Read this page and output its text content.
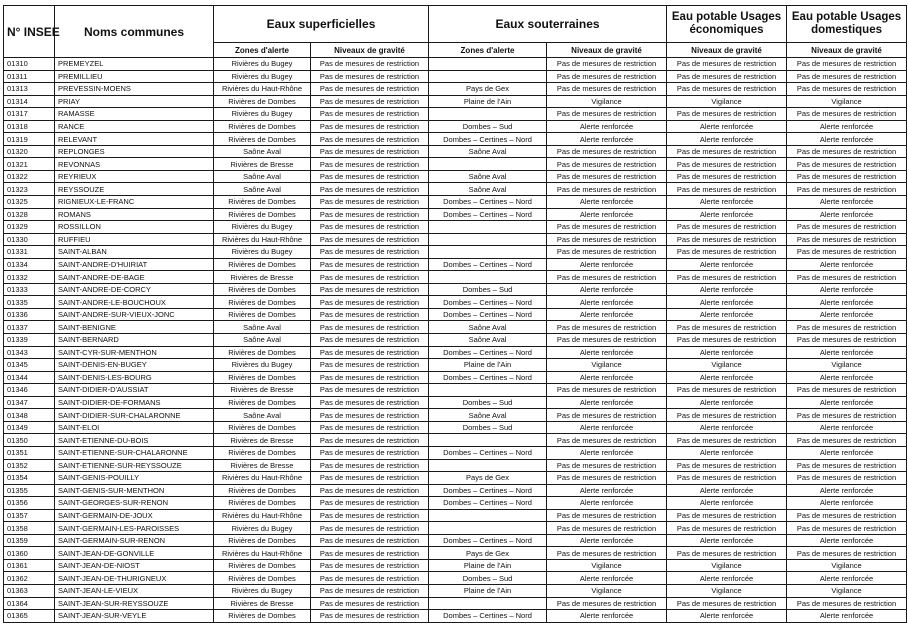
N° INSEE	Noms communes	Eaux superficielles		Eaux souterraines		Eau potable Usages économiques	Eau potable Usages domestiques
		Zones d'alerte	Niveaux de gravité	Zones d'alerte	Niveaux de gravité	Niveaux de gravité	Niveaux de gravité
01310	PREMEYZEL	Rivières du Bugey	Pas de mesures de restriction		Pas de mesures de restriction	Pas de mesures de restriction	Pas de mesures de restriction
01311	PREMILLIEU	Rivières du Bugey	Pas de mesures de restriction		Pas de mesures de restriction	Pas de mesures de restriction	Pas de mesures de restriction
01313	PREVESSIN-MOENS	Rivières du Haut-Rhône	Pas de mesures de restriction	Pays de Gex	Pas de mesures de restriction	Pas de mesures de restriction	Pas de mesures de restriction
01314	PRIAY	Rivières de Dombes	Pas de mesures de restriction	Plaine de l'Ain	Vigilance	Vigilance	Vigilance
01317	RAMASSE	Rivières du Bugey	Pas de mesures de restriction		Pas de mesures de restriction	Pas de mesures de restriction	Pas de mesures de restriction
01318	RANCE	Rivières de Dombes	Pas de mesures de restriction	Dombes – Sud	Alerte renforcée	Alerte renforcée	Alerte renforcée
01319	RELEVANT	Rivières de Dombes	Pas de mesures de restriction	Dombes – Certines – Nord	Alerte renforcée	Alerte renforcée	Alerte renforcée
01320	REPLONGES	Saône Aval	Pas de mesures de restriction	Saône Aval	Pas de mesures de restriction	Pas de mesures de restriction	Pas de mesures de restriction
01321	REVONNAS	Rivières de Bresse	Pas de mesures de restriction		Pas de mesures de restriction	Pas de mesures de restriction	Pas de mesures de restriction
01322	REYRIEUX	Saône Aval	Pas de mesures de restriction	Saône Aval	Pas de mesures de restriction	Pas de mesures de restriction	Pas de mesures de restriction
01323	REYSSOUZE	Saône Aval	Pas de mesures de restriction	Saône Aval	Pas de mesures de restriction	Pas de mesures de restriction	Pas de mesures de restriction
01325	RIGNIEUX-LE-FRANC	Rivières de Dombes	Pas de mesures de restriction	Dombes – Certines – Nord	Alerte renforcée	Alerte renforcée	Alerte renforcée
01328	ROMANS	Rivières de Dombes	Pas de mesures de restriction	Dombes – Certines – Nord	Alerte renforcée	Alerte renforcée	Alerte renforcée
01329	ROSSILLON	Rivières du Bugey	Pas de mesures de restriction		Pas de mesures de restriction	Pas de mesures de restriction	Pas de mesures de restriction
01330	RUFFIEU	Rivières du Haut-Rhône	Pas de mesures de restriction		Pas de mesures de restriction	Pas de mesures de restriction	Pas de mesures de restriction
01331	SAINT-ALBAN	Rivières du Bugey	Pas de mesures de restriction		Pas de mesures de restriction	Pas de mesures de restriction	Pas de mesures de restriction
01334	SAINT-ANDRE-D'HUIRIAT	Rivières de Dombes	Pas de mesures de restriction	Dombes – Certines – Nord	Alerte renforcée	Alerte renforcée	Alerte renforcée
01332	SAINT-ANDRE-DE-BAGE	Rivières de Bresse	Pas de mesures de restriction		Pas de mesures de restriction	Pas de mesures de restriction	Pas de mesures de restriction
01333	SAINT-ANDRE-DE-CORCY	Rivières de Dombes	Pas de mesures de restriction	Dombes – Sud	Alerte renforcée	Alerte renforcée	Alerte renforcée
01335	SAINT-ANDRE-LE-BOUCHOUX	Rivières de Dombes	Pas de mesures de restriction	Dombes – Certines – Nord	Alerte renforcée	Alerte renforcée	Alerte renforcée
01336	SAINT-ANDRE-SUR-VIEUX-JONC	Rivières de Dombes	Pas de mesures de restriction	Dombes – Certines – Nord	Alerte renforcée	Alerte renforcée	Alerte renforcée
01337	SAINT-BENIGNE	Saône Aval	Pas de mesures de restriction	Saône Aval	Pas de mesures de restriction	Pas de mesures de restriction	Pas de mesures de restriction
01339	SAINT-BERNARD	Saône Aval	Pas de mesures de restriction	Saône Aval	Pas de mesures de restriction	Pas de mesures de restriction	Pas de mesures de restriction
01343	SAINT-CYR-SUR-MENTHON	Rivières de Dombes	Pas de mesures de restriction	Dombes – Certines – Nord	Alerte renforcée	Alerte renforcée	Alerte renforcée
01345	SAINT-DENIS-EN-BUGEY	Rivières du Bugey	Pas de mesures de restriction	Plaine de l'Ain	Vigilance	Vigilance	Vigilance
01344	SAINT-DENIS-LES-BOURG	Rivières de Dombes	Pas de mesures de restriction	Dombes – Certines – Nord	Alerte renforcée	Alerte renforcée	Alerte renforcée
01346	SAINT-DIDIER-D'AUSSIAT	Rivières de Bresse	Pas de mesures de restriction		Pas de mesures de restriction	Pas de mesures de restriction	Pas de mesures de restriction
01347	SAINT-DIDIER-DE-FORMANS	Rivières de Dombes	Pas de mesures de restriction	Dombes – Sud	Alerte renforcée	Alerte renforcée	Alerte renforcée
01348	SAINT-DIDIER-SUR-CHALARONNE	Saône Aval	Pas de mesures de restriction	Saône Aval	Pas de mesures de restriction	Pas de mesures de restriction	Pas de mesures de restriction
01349	SAINT-ELOI	Rivières de Dombes	Pas de mesures de restriction	Dombes – Sud	Alerte renforcée	Alerte renforcée	Alerte renforcée
01350	SAINT-ETIENNE-DU-BOIS	Rivières de Bresse	Pas de mesures de restriction		Pas de mesures de restriction	Pas de mesures de restriction	Pas de mesures de restriction
01351	SAINT-ETIENNE-SUR-CHALARONNE	Rivières de Dombes	Pas de mesures de restriction	Dombes – Certines – Nord	Alerte renforcée	Alerte renforcée	Alerte renforcée
01352	SAINT-ETIENNE-SUR-REYSSOUZE	Rivières de Bresse	Pas de mesures de restriction		Pas de mesures de restriction	Pas de mesures de restriction	Pas de mesures de restriction
01354	SAINT-GENIS-POUILLY	Rivières du Haut-Rhône	Pas de mesures de restriction	Pays de Gex	Pas de mesures de restriction	Pas de mesures de restriction	Pas de mesures de restriction
01355	SAINT-GENIS-SUR-MENTHON	Rivières de Dombes	Pas de mesures de restriction	Dombes – Certines – Nord	Alerte renforcée	Alerte renforcée	Alerte renforcée
01356	SAINT-GEORGES-SUR-RENON	Rivières de Dombes	Pas de mesures de restriction	Dombes – Certines – Nord	Alerte renforcée	Alerte renforcée	Alerte renforcée
01357	SAINT-GERMAIN-DE-JOUX	Rivières du Haut-Rhône	Pas de mesures de restriction		Pas de mesures de restriction	Pas de mesures de restriction	Pas de mesures de restriction
01358	SAINT-GERMAIN-LES-PAROISSES	Rivières du Bugey	Pas de mesures de restriction		Pas de mesures de restriction	Pas de mesures de restriction	Pas de mesures de restriction
01359	SAINT-GERMAIN-SUR-RENON	Rivières de Dombes	Pas de mesures de restriction	Dombes – Certines – Nord	Alerte renforcée	Alerte renforcée	Alerte renforcée
01360	SAINT-JEAN-DE-GONVILLE	Rivières du Haut-Rhône	Pas de mesures de restriction	Pays de Gex	Pas de mesures de restriction	Pas de mesures de restriction	Pas de mesures de restriction
01361	SAINT-JEAN-DE-NIOST	Rivières de Dombes	Pas de mesures de restriction	Plaine de l'Ain	Vigilance	Vigilance	Vigilance
01362	SAINT-JEAN-DE-THURIGNEUX	Rivières de Dombes	Pas de mesures de restriction	Dombes – Sud	Alerte renforcée	Alerte renforcée	Alerte renforcée
01363	SAINT-JEAN-LE-VIEUX	Rivières du Bugey	Pas de mesures de restriction	Plaine de l'Ain	Vigilance	Vigilance	Vigilance
01364	SAINT-JEAN-SUR-REYSSOUZE	Rivières de Bresse	Pas de mesures de restriction		Pas de mesures de restriction	Pas de mesures de restriction	Pas de mesures de restriction
01365	SAINT-JEAN-SUR-VEYLE	Rivières de Dombes	Pas de mesures de restriction	Dombes – Certines – Nord	Alerte renforcée	Alerte renforcée	Alerte renforcée
